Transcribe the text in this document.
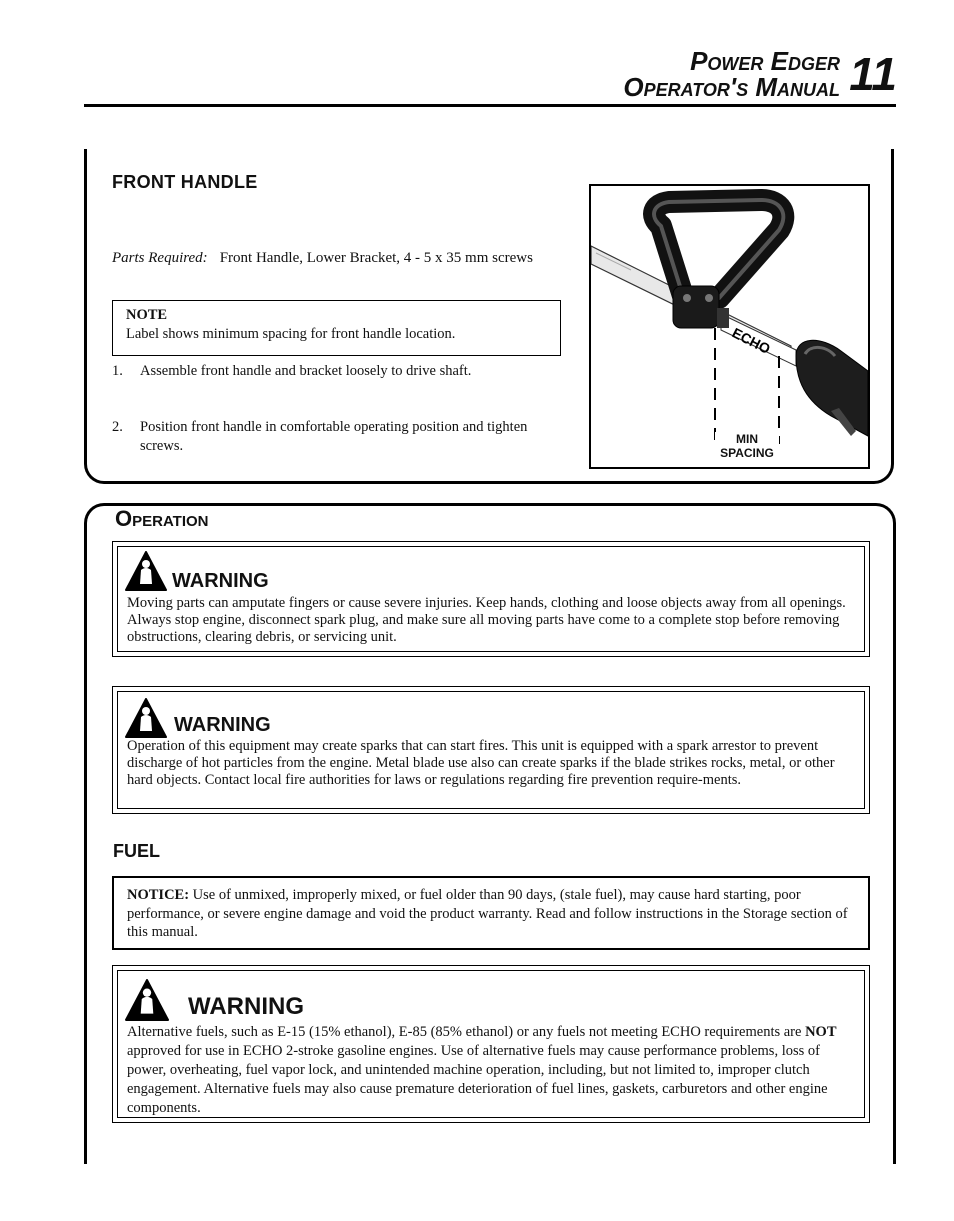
Power Edger
Operator's Manual 11
FRONT HANDLE
Parts Required: Front Handle, Lower Bracket, 4 - 5 x 35 mm screws
NOTE
Label shows minimum spacing for front handle location.
1. Assemble front handle and bracket loosely to drive shaft.
2. Position front handle in comfortable operating position and tighten screws.
ECHO
MIN
SPACING
Operation
WARNING
Moving parts can amputate fingers or cause severe injuries. Keep hands, clothing and loose objects away from all openings. Always stop engine, disconnect spark plug, and make sure all moving parts have come to a complete stop before removing obstructions, clearing debris, or servicing unit.
WARNING
Operation of this equipment may create sparks that can start fires. This unit is equipped with a spark arrestor to prevent discharge of hot particles from the engine. Metal blade use also can create sparks if the blade strikes rocks, metal, or other hard objects. Contact local fire authorities for laws or regulations regarding fire prevention require-ments.
FUEL
NOTICE: Use of unmixed, improperly mixed, or fuel older than 90 days, (stale fuel), may cause hard starting, poor performance, or severe engine damage and void the product warranty. Read and follow instructions in the Storage section of this manual.
WARNING
Alternative fuels, such as E-15 (15% ethanol), E-85 (85% ethanol) or any fuels not meeting ECHO requirements are NOT approved for use in ECHO 2-stroke gasoline engines. Use of alternative fuels may cause performance problems, loss of power, overheating, fuel vapor lock, and unintended machine operation, including, but not limited to, improper clutch engagement. Alternative fuels may also cause premature deterioration of fuel lines, gaskets, carburetors and other engine components.
